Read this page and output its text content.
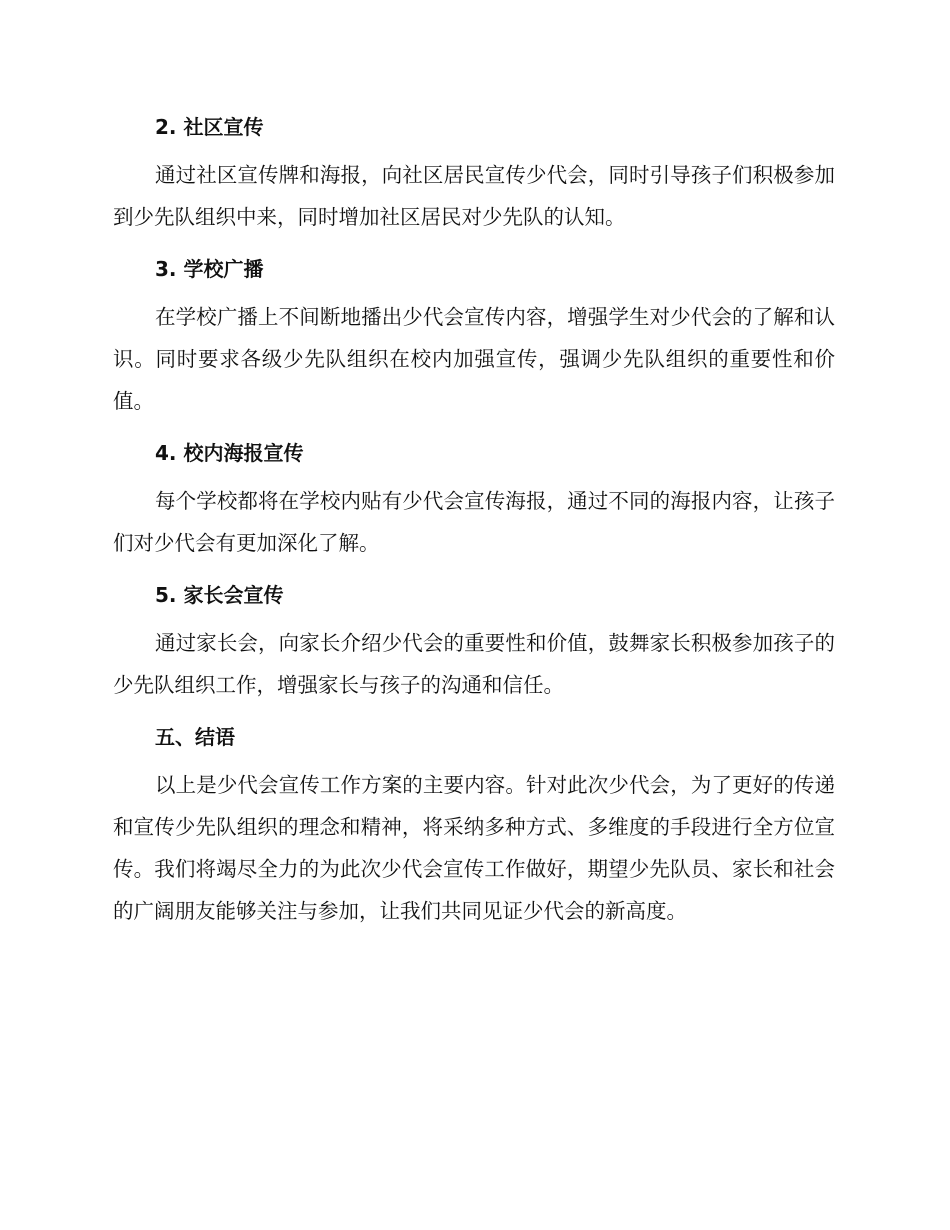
2. 社区宣传

通过社区宣传牌和海报，向社区居民宣传少代会，同时引导孩子们积极参加到少先队组织中来，同时增加社区居民对少先队的认知。

3. 学校广播

在学校广播上不间断地播出少代会宣传内容，增强学生对少代会的了解和认识。同时要求各级少先队组织在校内加强宣传，强调少先队组织的重要性和价值。

4. 校内海报宣传

每个学校都将在学校内贴有少代会宣传海报，通过不同的海报内容，让孩子们对少代会有更加深化了解。

5. 家长会宣传

通过家长会，向家长介绍少代会的重要性和价值，鼓舞家长积极参加孩子的少先队组织工作，增强家长与孩子的沟通和信任。

五、结语

以上是少代会宣传工作方案的主要内容。针对此次少代会，为了更好的传递和宣传少先队组织的理念和精神，将采纳多种方式、多维度的手段进行全方位宣传。我们将竭尽全力的为此次少代会宣传工作做好，期望少先队员、家长和社会的广阔朋友能够关注与参加，让我们共同见证少代会的新高度。
